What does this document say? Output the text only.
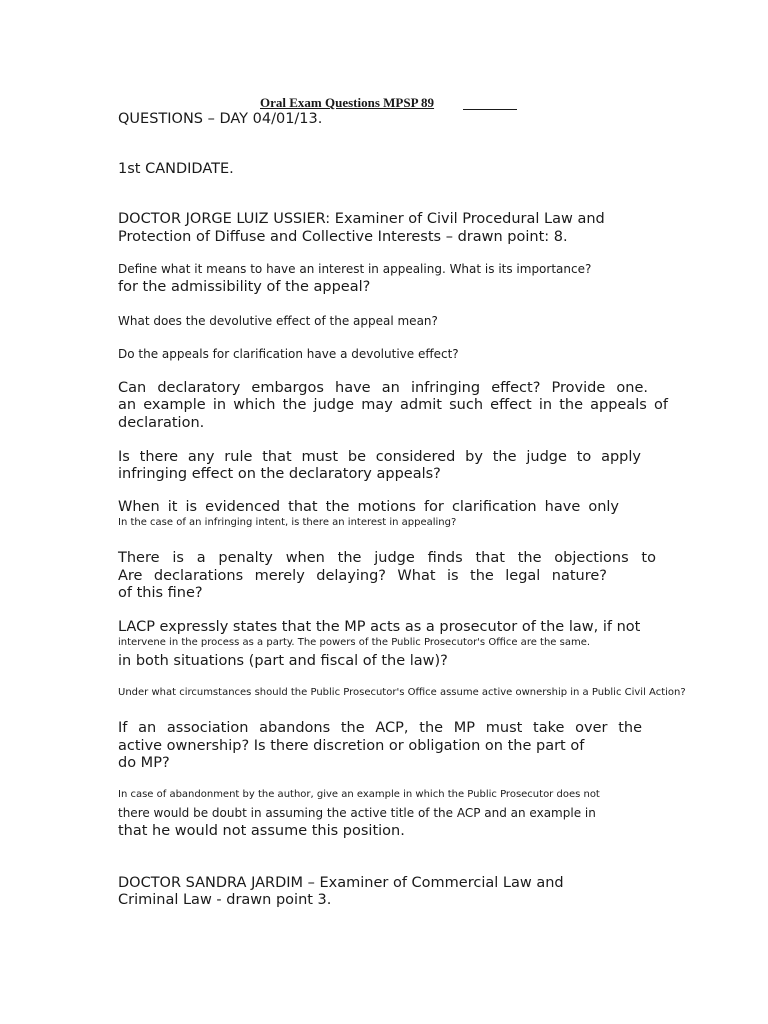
Oral Exam Questions MPSP 89

QUESTIONS – DAY 04/01/13.

1st CANDIDATE.

DOCTOR JORGE LUIZ USSIER: Examiner of Civil Procedural Law and

Protection of Diffuse and Collective Interests – drawn point: 8.

Define what it means to have an interest in appealing. What is its importance?

for the admissibility of the appeal?

What does the devolutive effect of the appeal mean?

Do the appeals for clarification have a devolutive effect?

Can declaratory embargos have an infringing effect? Provide one.

an example in which the judge may admit such effect in the appeals of

declaration.

Is there any rule that must be considered by the judge to apply

infringing effect on the declaratory appeals?

When it is evidenced that the motions for clarification have only

In the case of an infringing intent, is there an interest in appealing?

There is a penalty when the judge finds that the objections to

Are declarations merely delaying? What is the legal nature?

of this fine?

LACP expressly states that the MP acts as a prosecutor of the law, if not

intervene in the process as a party. The powers of the Public Prosecutor's Office are the same.

in both situations (part and fiscal of the law)?

Under what circumstances should the Public Prosecutor's Office assume active ownership in a Public Civil Action?

If an association abandons the ACP, the MP must take over the

active ownership? Is there discretion or obligation on the part of

do MP?

In case of abandonment by the author, give an example in which the Public Prosecutor does not

there would be doubt in assuming the active title of the ACP and an example in

that he would not assume this position.

DOCTOR SANDRA JARDIM – Examiner of Commercial Law and

Criminal Law - drawn point 3.
